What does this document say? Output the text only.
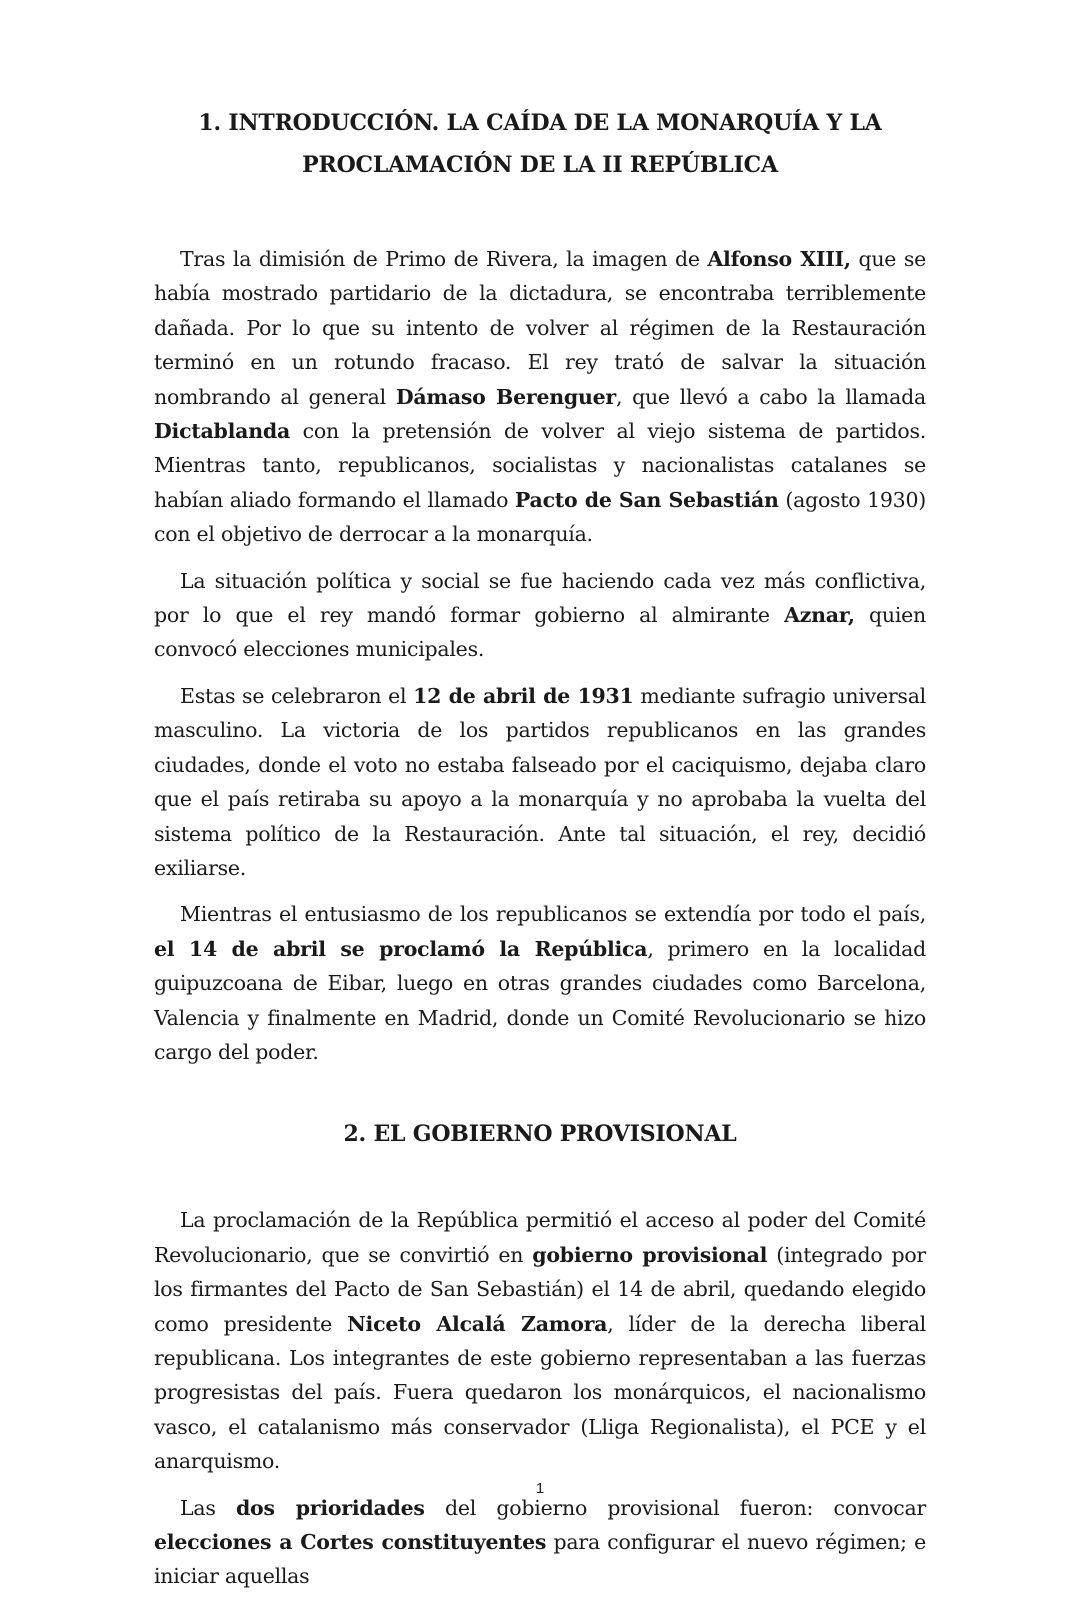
1. INTRODUCCIÓN. LA CAÍDA DE LA MONARQUÍA Y LA
PROCLAMACIÓN DE LA II REPÚBLICA

Tras la dimisión de Primo de Rivera, la imagen de Alfonso XIII, que se había mostrado partidario de la dictadura, se encontraba terriblemente dañada. Por lo que su intento de volver al régimen de la Restauración terminó en un rotundo fracaso. El rey trató de salvar la situación nombrando al general Dámaso Berenguer, que llevó a cabo la llamada Dictablanda con la pretensión de volver al viejo sistema de partidos. Mientras tanto, republicanos, socialistas y nacionalistas catalanes se habían aliado formando el llamado Pacto de San Sebastián (agosto 1930) con el objetivo de derrocar a la monarquía.

La situación política y social se fue haciendo cada vez más conflictiva, por lo que el rey mandó formar gobierno al almirante Aznar, quien convocó elecciones municipales.

Estas se celebraron el 12 de abril de 1931 mediante sufragio universal masculino. La victoria de los partidos republicanos en las grandes ciudades, donde el voto no estaba falseado por el caciquismo, dejaba claro que el país retiraba su apoyo a la monarquía y no aprobaba la vuelta del sistema político de la Restauración. Ante tal situación, el rey, decidió exiliarse.

Mientras el entusiasmo de los republicanos se extendía por todo el país, el 14 de abril se proclamó la República, primero en la localidad guipuzcoana de Eibar, luego en otras grandes ciudades como Barcelona, Valencia y finalmente en Madrid, donde un Comité Revolucionario se hizo cargo del poder.

2. EL GOBIERNO PROVISIONAL

La proclamación de la República permitió el acceso al poder del Comité Revolucionario, que se convirtió en gobierno provisional (integrado por los firmantes del Pacto de San Sebastián) el 14 de abril, quedando elegido como presidente Niceto Alcalá Zamora, líder de la derecha liberal republicana. Los integrantes de este gobierno representaban a las fuerzas progresistas del país. Fuera quedaron los monárquicos, el nacionalismo vasco, el catalanismo más conservador (Lliga Regionalista), el PCE y el anarquismo.

Las dos prioridades del gobierno provisional fueron: convocar elecciones a Cortes constituyentes para configurar el nuevo régimen; e iniciar aquellas

1
